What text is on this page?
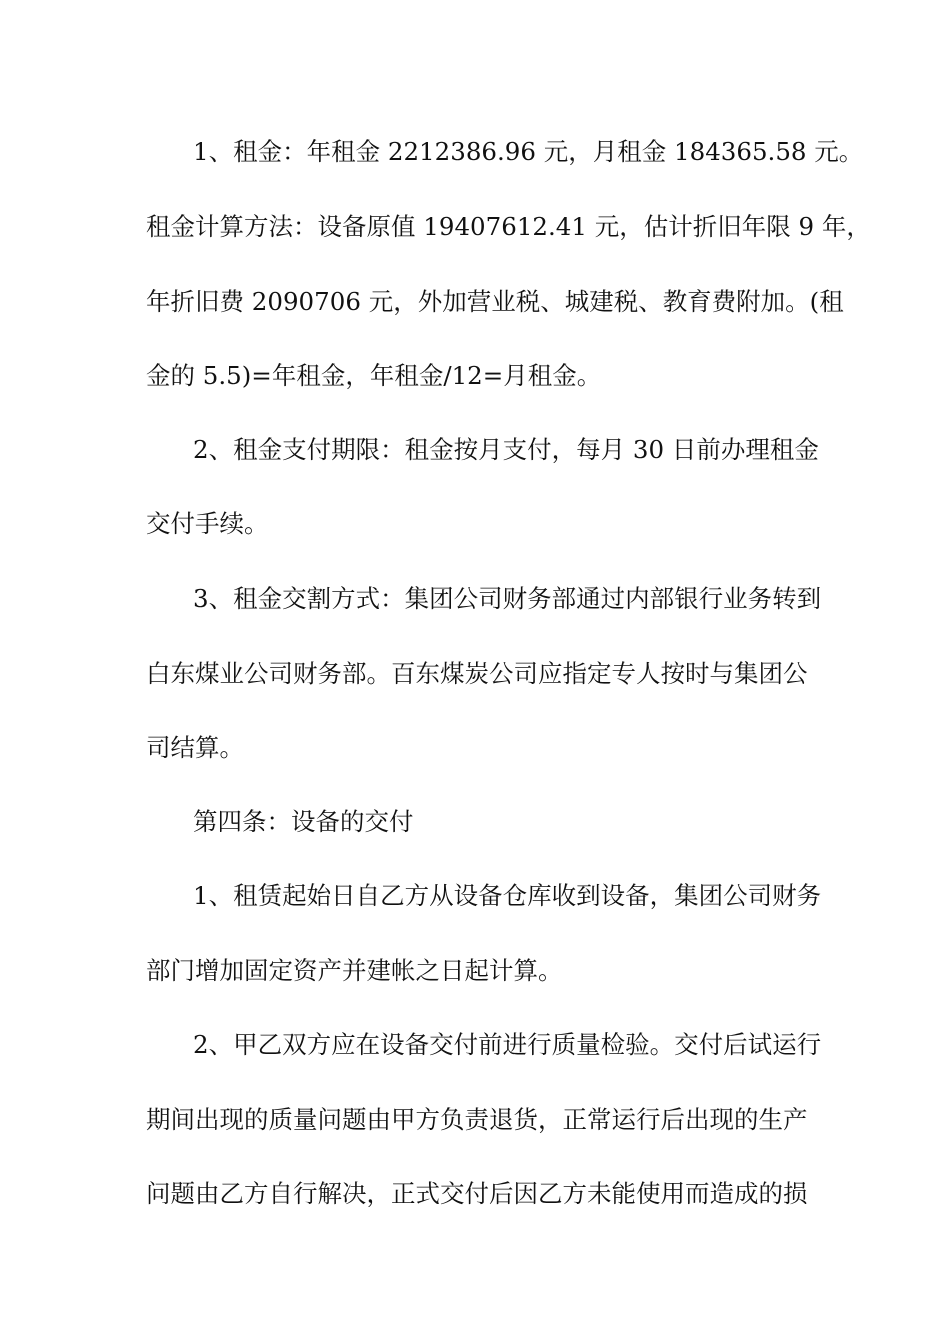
1、租金：年租金 2212386.96 元，月租金 184365.58 元。
租金计算方法：设备原值 19407612.41 元，估计折旧年限 9 年，
年折旧费 2090706 元，外加营业税、城建税、教育费附加。(租
金的 5.5)=年租金，年租金/12=月租金。
2、租金支付期限：租金按月支付，每月 30 日前办理租金
交付手续。
3、租金交割方式：集团公司财务部通过内部银行业务转到
白东煤业公司财务部。百东煤炭公司应指定专人按时与集团公
司结算。
第四条：设备的交付
1、租赁起始日自乙方从设备仓库收到设备，集团公司财务
部门增加固定资产并建帐之日起计算。
2、甲乙双方应在设备交付前进行质量检验。交付后试运行
期间出现的质量问题由甲方负责退货，正常运行后出现的生产
问题由乙方自行解决，正式交付后因乙方未能使用而造成的损
